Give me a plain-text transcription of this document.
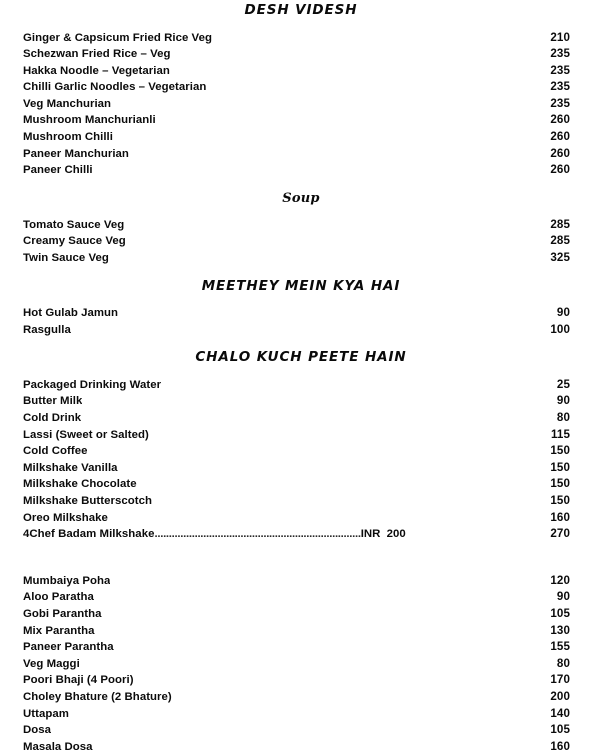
DESH VIDESH
Ginger & Capsicum Fried Rice Veg	210
Schezwan Fried Rice – Veg	235
Hakka Noodle – Vegetarian	235
Chilli Garlic Noodles – Vegetarian	235
Veg Manchurian	235
Mushroom Manchurianli	260
Mushroom Chilli	260
Paneer Manchurian	260
Paneer Chilli	260
Soup
Tomato Sauce Veg	285
Creamy Sauce Veg	285
Twin Sauce Veg	325
MEETHEY MEIN KYA HAI
Hot Gulab Jamun	90
Rasgulla	100
CHALO KUCH PEETE HAIN
Packaged Drinking Water	25
Butter Milk	90
Cold Drink	80
Lassi (Sweet or Salted)	115
Cold Coffee	150
Milkshake Vanilla	150
Milkshake Chocolate	150
Milkshake Butterscotch	150
Oreo Milkshake	160
4Chef Badam Milkshake ........................................................................ INR  200	270
Mumbaiya Poha	120
Aloo Paratha	90
Gobi Parantha	105
Mix Parantha	130
Paneer Parantha	155
Veg Maggi	80
Poori Bhaji (4 Poori)	170
Choley Bhature (2 Bhature)	200
Uttapam	140
Dosa	105
Masala Dosa	160
